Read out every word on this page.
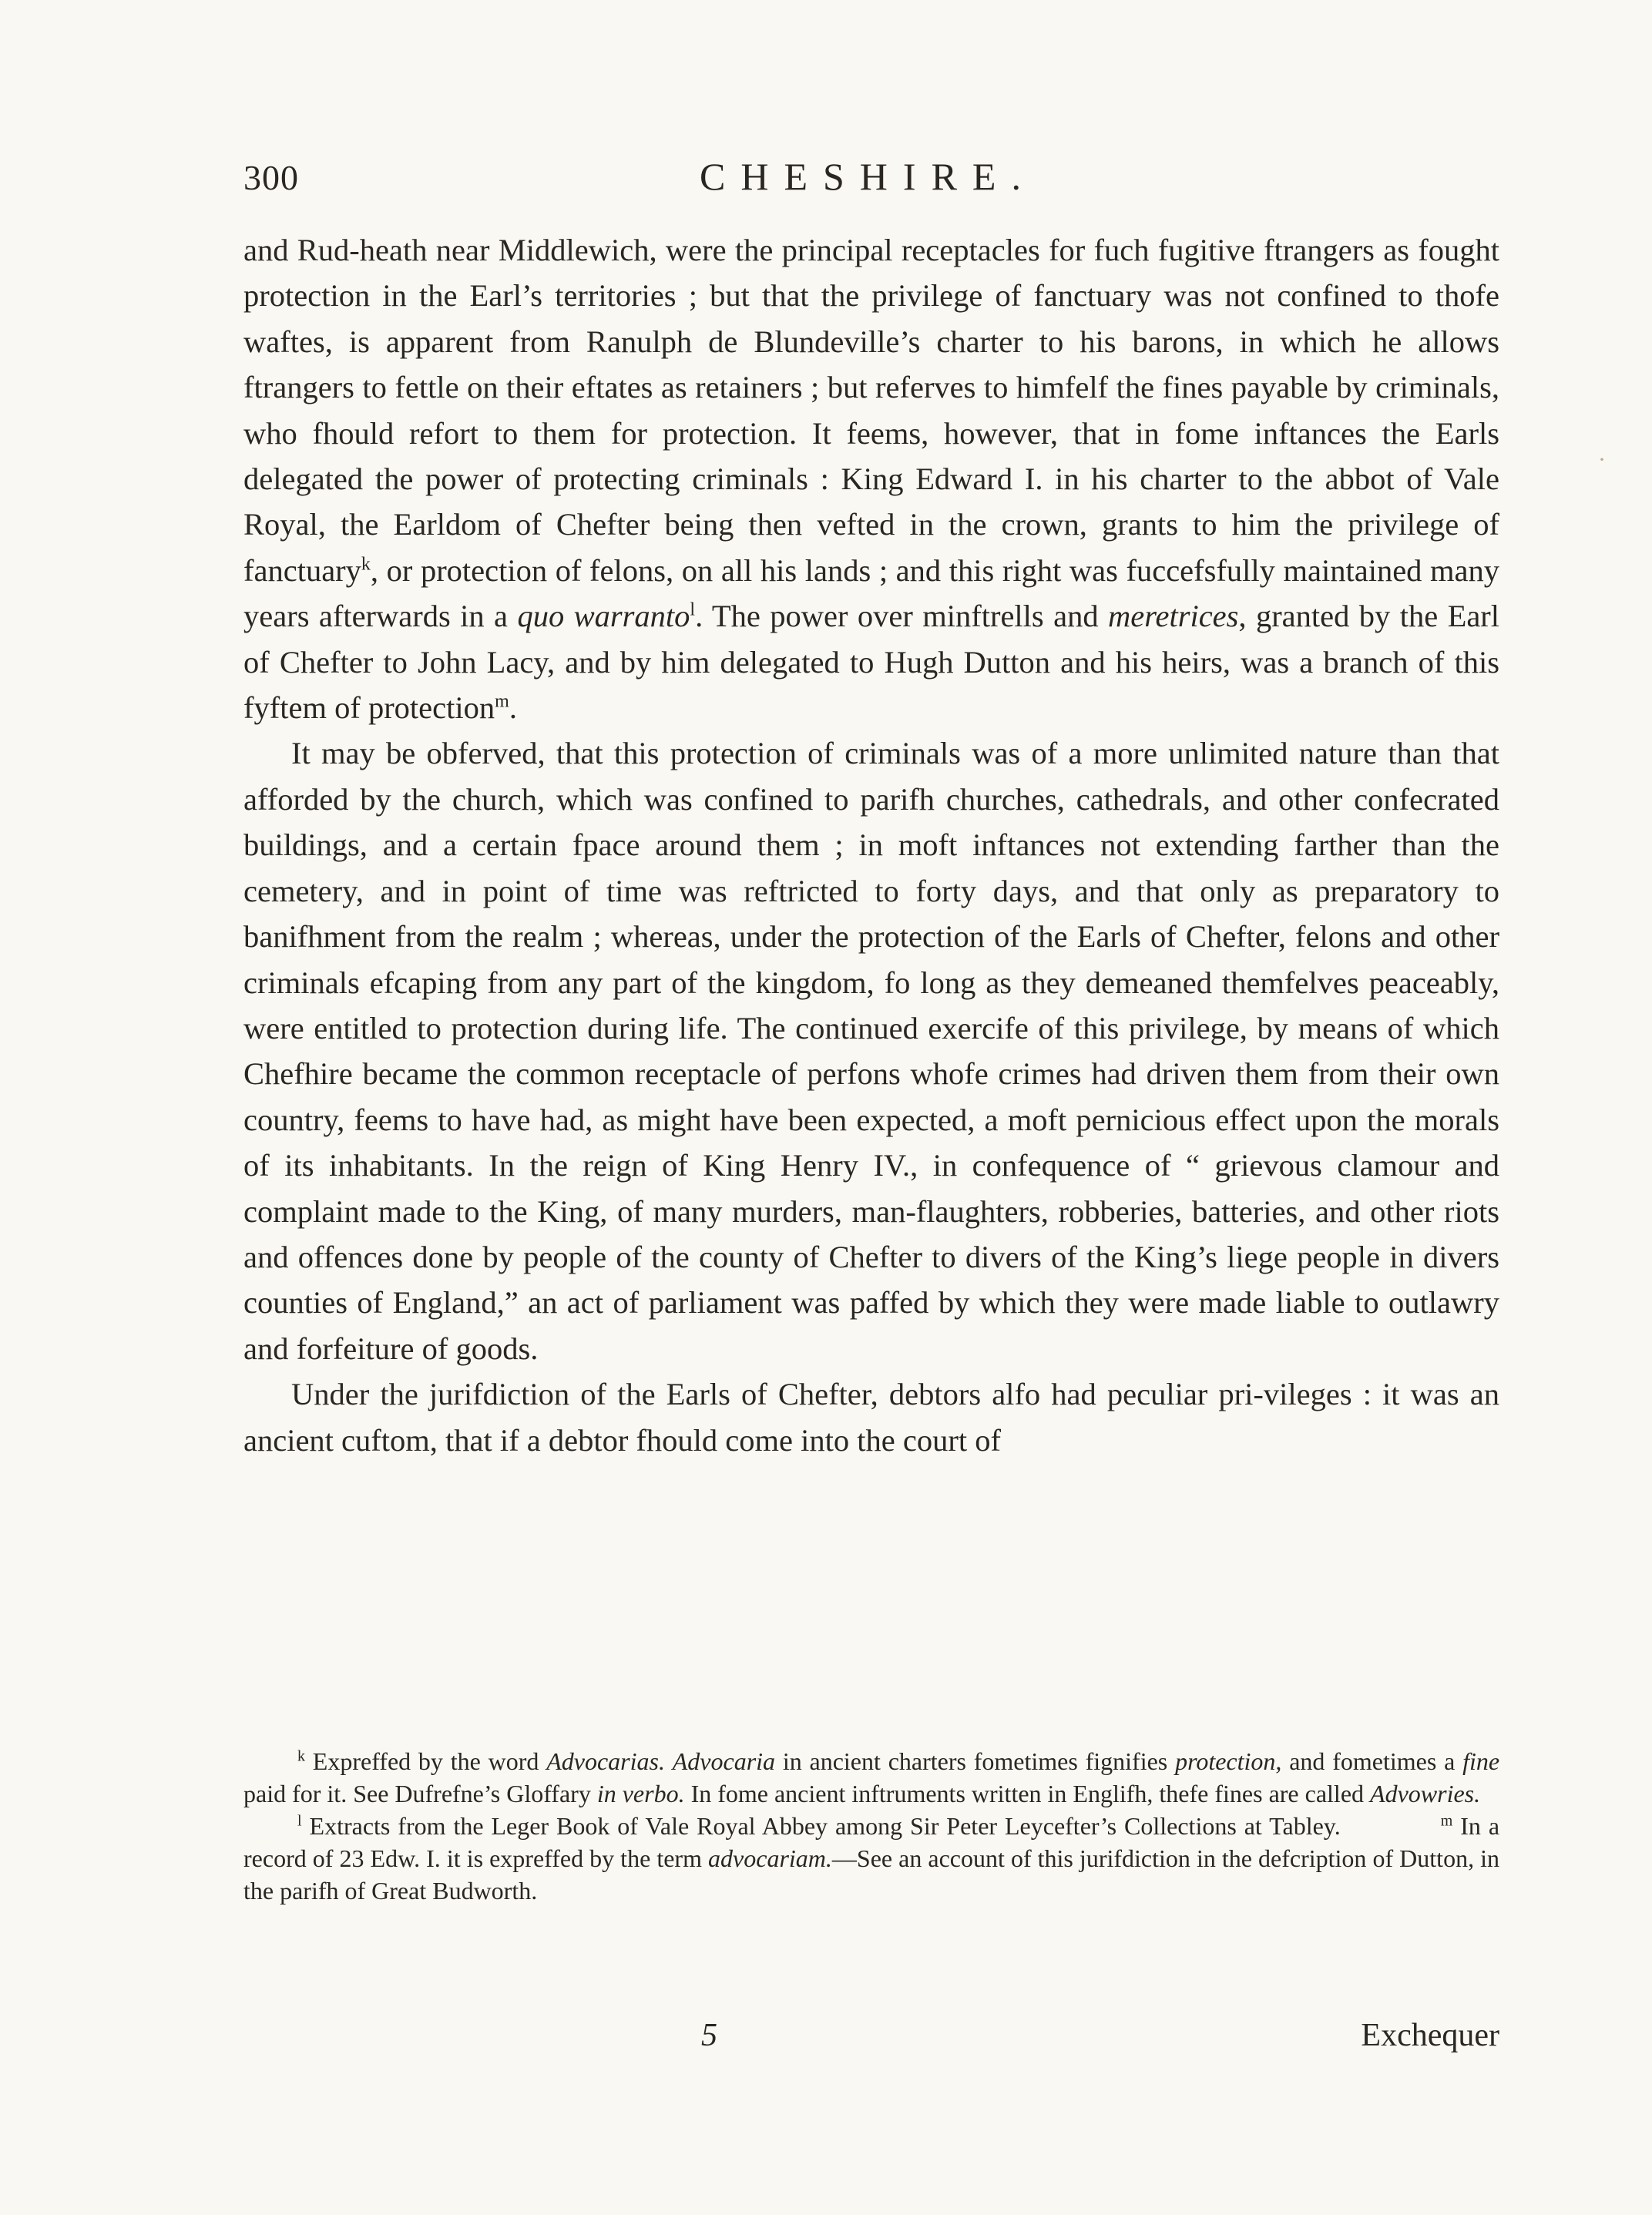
300	CHESHIRE.

and Rud-heath near Middlewich, were the principal receptacles for fuch fugitive ftrangers as fought protection in the Earl’s territories ; but that the privilege of fanctuary was not confined to thofe waftes, is apparent from Ranulph de Blundeville’s charter to his barons, in which he allows ftrangers to fettle on their eftates as retainers ; but referves to himfelf the fines payable by criminals, who fhould refort to them for protection. It feems, however, that in fome inftances the Earls delegated the power of protecting criminals : King Edward I. in his charter to the abbot of Vale Royal, the Earldom of Chefter being then vefted in the crown, grants to him the privilege of fanctuary$^k$, or protection of felons, on all his lands ; and this right was fuccefsfully maintained many years afterwards in a quo warranto$^l$. The power over minftrells and meretrices, granted by the Earl of Chefter to John Lacy, and by him delegated to Hugh Dutton and his heirs, was a branch of this fyftem of protection$^m$.

It may be obferved, that this protection of criminals was of a more unlimited nature than that afforded by the church, which was confined to parifh churches, cathedrals, and other confecrated buildings, and a certain fpace around them ; in moft inftances not extending farther than the cemetery, and in point of time was reftricted to forty days, and that only as preparatory to banifhment from the realm ; whereas, under the protection of the Earls of Chefter, felons and other criminals efcaping from any part of the kingdom, fo long as they demeaned themfelves peaceably, were entitled to protection during life. The continued exercife of this privilege, by means of which Chefhire became the common receptacle of perfons whofe crimes had driven them from their own country, feems to have had, as might have been expected, a moft pernicious effect upon the morals of its inhabitants. In the reign of King Henry IV., in confequence of “ grievous clamour and complaint made to the King, of many murders, man-flaughters, robberies, batteries, and other riots and offences done by people of the county of Chefter to divers of the King’s liege people in divers counties of England,” an act of parliament was paffed by which they were made liable to outlawry and forfeiture of goods.

Under the jurifdiction of the Earls of Chefter, debtors alfo had peculiar pri-vileges : it was an ancient cuftom, that if a debtor fhould come into the court of

$^k$ Expreffed by the word Advocarias. Advocaria in ancient charters fometimes fignifies protection, and fometimes a fine paid for it. See Dufrefne’s Gloffary in verbo. In fome ancient inftruments written in Englifh, thefe fines are called Advowries.

$^l$ Extracts from the Leger Book of Vale Royal Abbey among Sir Peter Leycefter’s Collections at Tabley.	$^m$ In a record of 23 Edw. I. it is expreffed by the term advocariam.—See an account of this jurifdiction in the defcription of Dutton, in the parifh of Great Budworth.

5	Exchequer
·
